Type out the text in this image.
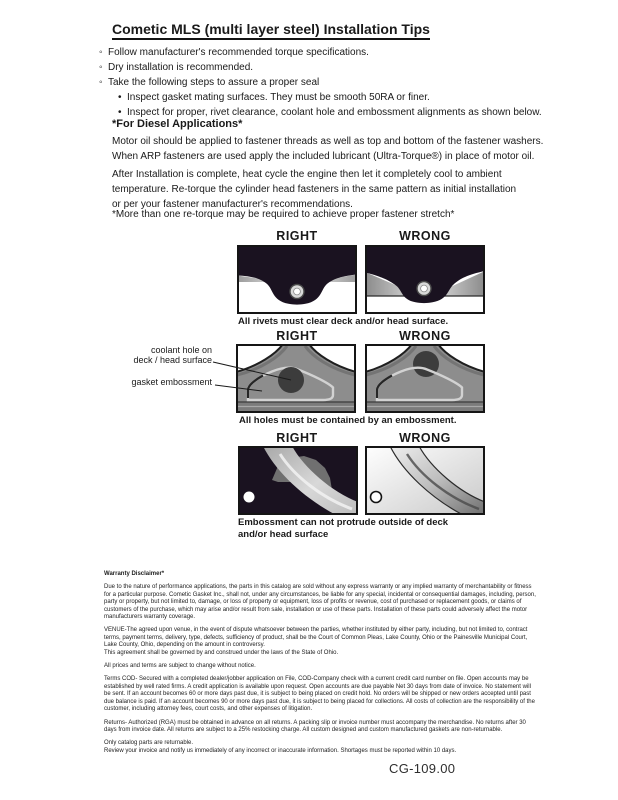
Cometic MLS (multi layer steel) Installation Tips
◦
Follow manufacturer's recommended torque specifications.
◦
Dry installation is recommended.
◦
Take the following steps to assure a proper seal
•
Inspect gasket mating surfaces. They must be smooth 50RA or finer.
•
Inspect for proper, rivet clearance, coolant hole and embossment alignments as shown below.
*For Diesel Applications*
Motor oil should be applied to fastener threads as well as top and bottom of the fastener washers.
When ARP fasteners are used apply the included lubricant (Ultra-Torque®) in place of motor oil.
After Installation is complete, heat cycle the engine then let it completely cool to ambient
temperature. Re-torque the cylinder head fasteners in the same pattern as initial installation
or per your fastener manufacturer's recommendations.
*More than one re-torque may be required to achieve proper fastener stretch*
RIGHT	WRONG
All rivets must clear deck and/or head surface.
RIGHT	WRONG
coolant hole on
deck / head surface
gasket embossment
All holes must be contained by an embossment.
RIGHT	WRONG
Embossment can not protrude outside of deck
and/or head surface

Warranty Disclaimer*

Due to the nature of performance applications, the parts in this catalog are sold without any express warranty or any implied warranty of merchantability or fitness for a particular purpose. Cometic Gasket Inc., shall not, under any circumstances, be liable for any special, incidental or consequential damages, including, person, party or property, but not limited to, damage, or loss of property or equipment, loss of profits or revenue, cost of purchased or replacement goods, or claims of customers of the purchase, which may arise and/or result from sale, installation or use of these parts. Installation of these parts could adversely affect the motor manufacturers warranty coverage.

VENUE-The agreed upon venue, in the event of dispute whatsoever between the parties, whether instituted by either party, including, but not limited to, contract terms, payment terms, delivery, type, defects, sufficiency of product, shall be the Court of Common Pleas, Lake County, Ohio or the Painesville Municipal Court, Lake County, Ohio, depending on the amount in controversy.

This agreement shall be governed by and construed under the laws of the State of Ohio.

All prices and terms are subject to change without notice.

Terms COD- Secured with a completed dealer/jobber application on File, COD-Company check with a current credit card number on file. Open accounts may be established by well rated firms. A credit application is available upon request. Open accounts are due payable Net 30 days from date of invoice. No statement will be sent. If an account becomes 60 or more days past due, it is subject to being placed on credit hold. No orders will be shipped or new orders accepted until past due balance is paid. If an account becomes 90 or more days past due, it is subject to being placed for collections. All costs of collection are the responsibility of the customer, including attorney fees, court costs, and other expenses of litigation.

Returns- Authorized (RGA) must be obtained in advance on all returns. A packing slip or invoice number must accompany the merchandise. No returns after 30 days from invoice date. All returns are subject to a 25% restocking charge. All custom designed and custom manufactured gaskets are non-returnable.

Only catalog parts are returnable.

Review your invoice and notify us immediately of any incorrect or inaccurate information. Shortages must be reported within 10 days.

CG-109.00
